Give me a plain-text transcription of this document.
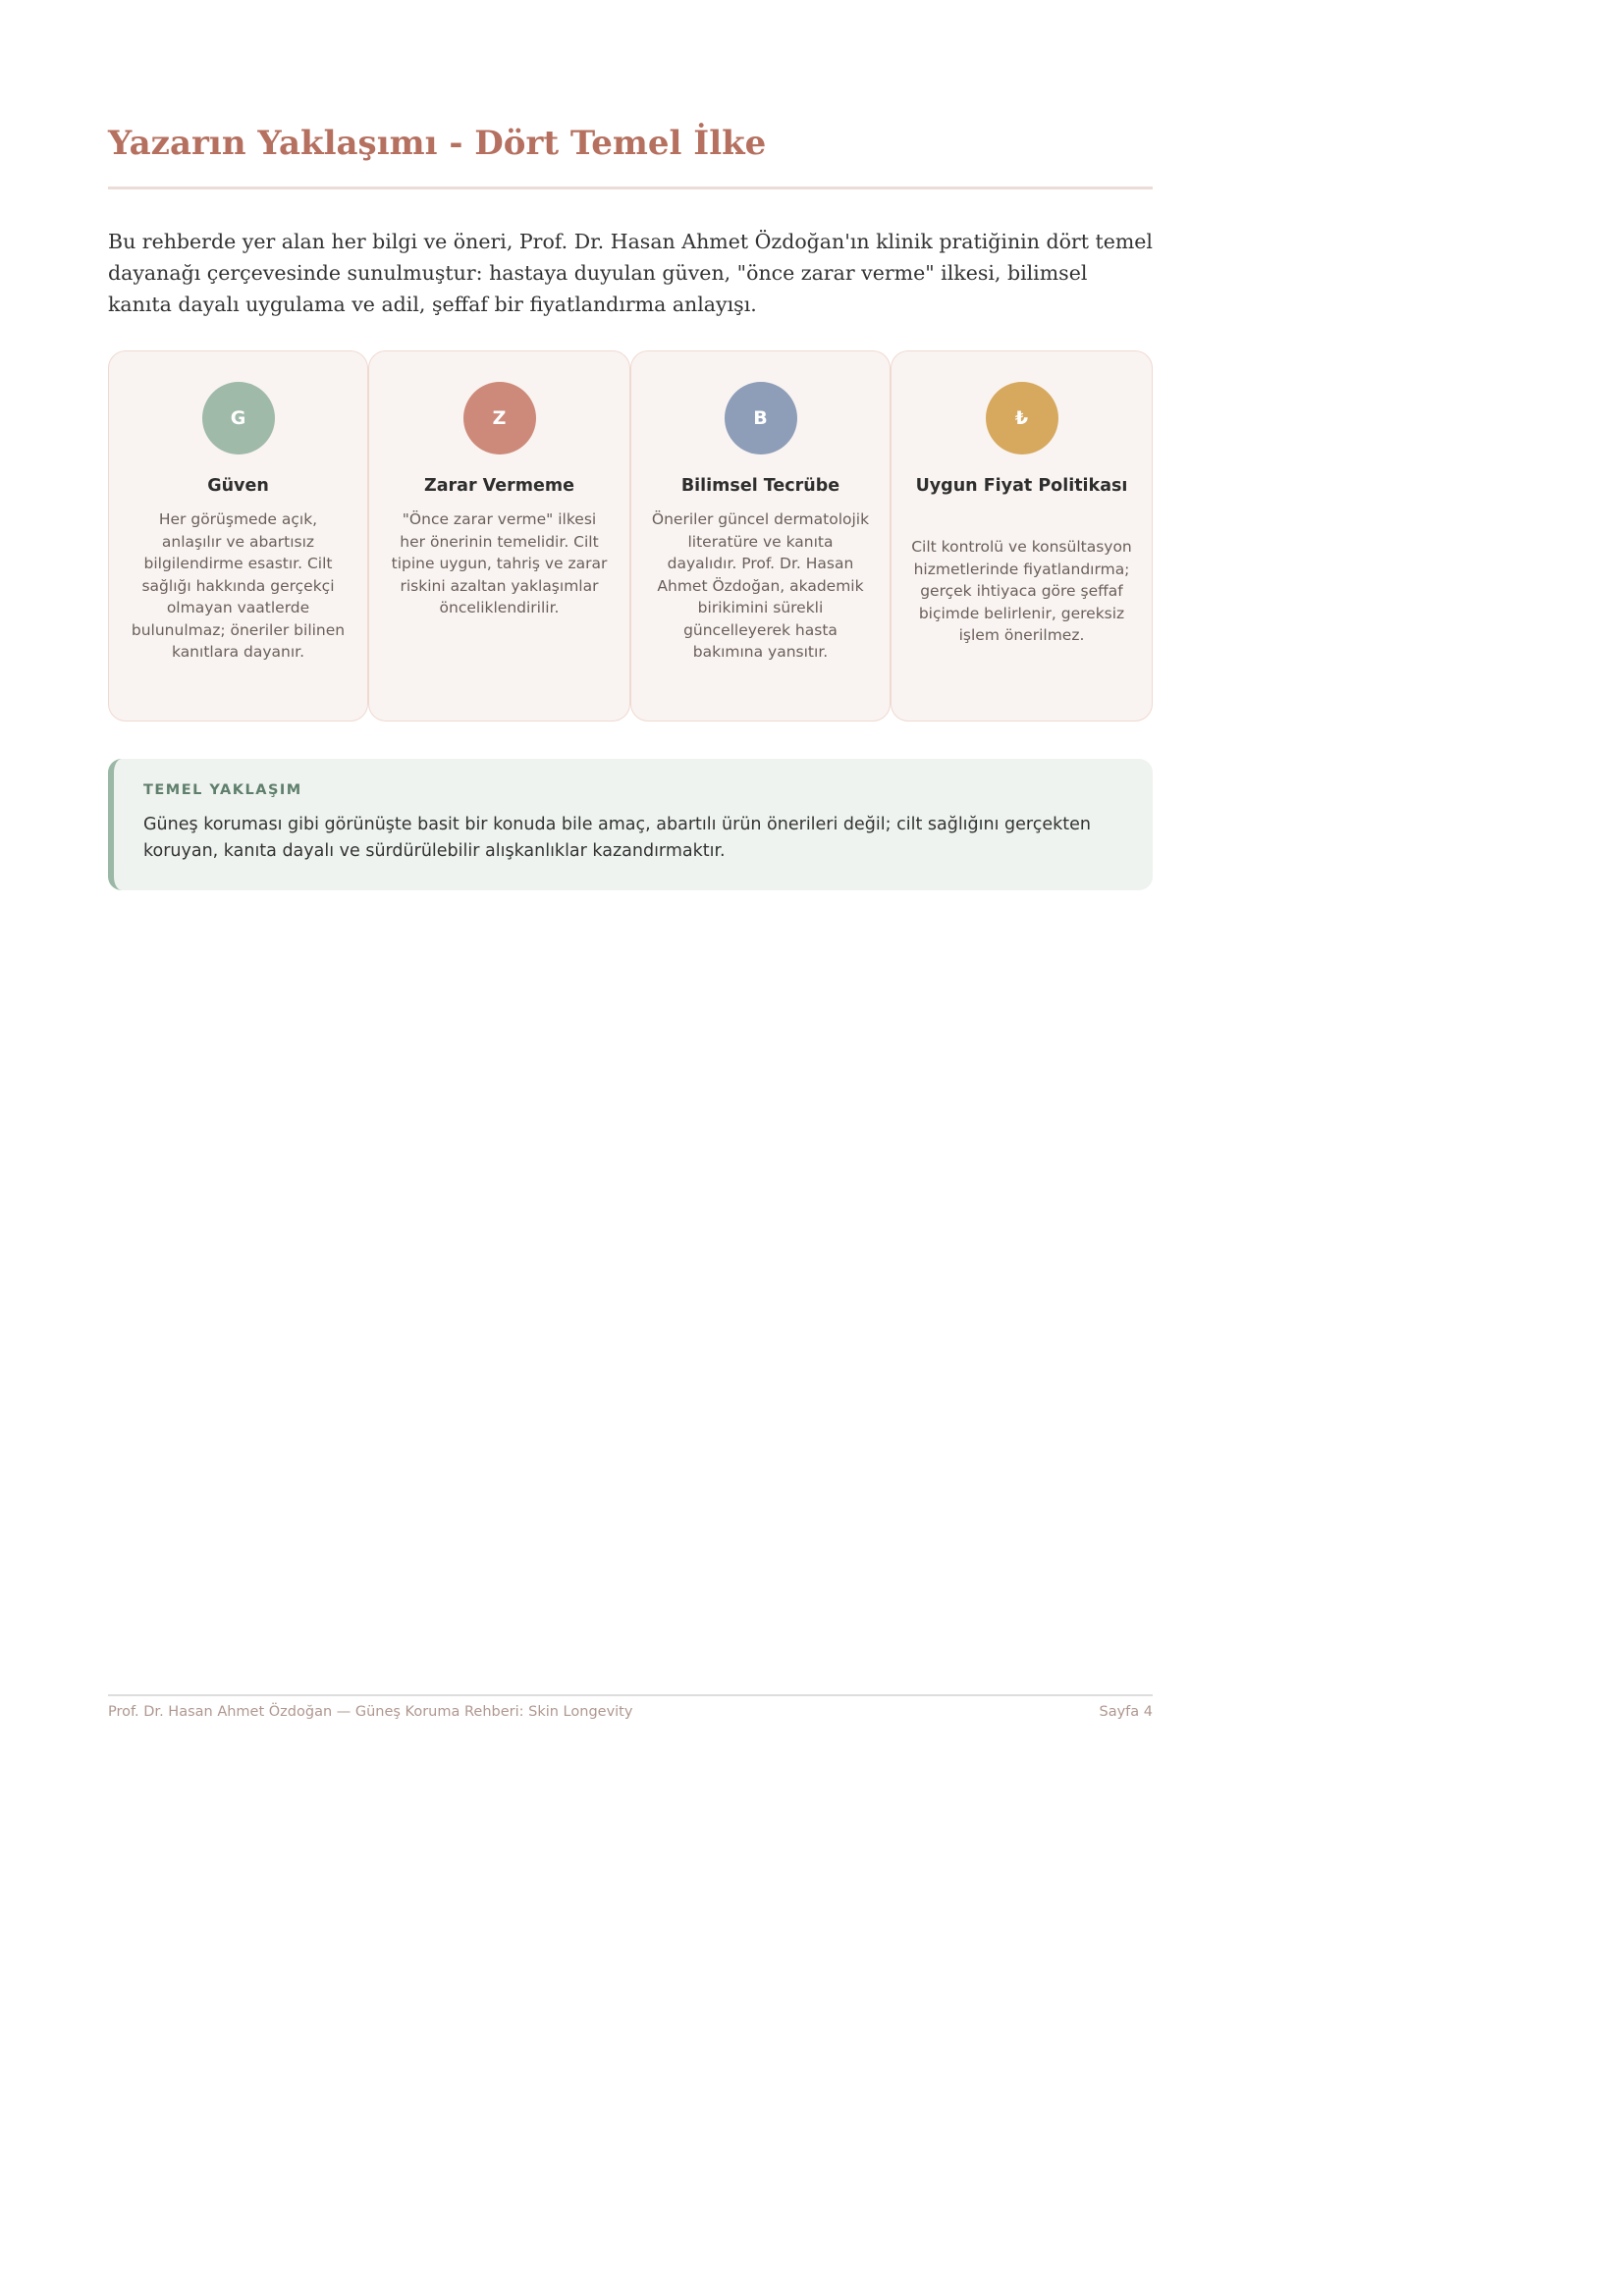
Yazarın Yaklaşımı - Dört Temel İlke

Bu rehberde yer alan her bilgi ve öneri, Prof. Dr. Hasan Ahmet Özdoğan'ın klinik pratiğinin dört temel dayanağı çerçevesinde sunulmuştur: hastaya duyulan güven, "önce zarar verme" ilkesi, bilimsel kanıta dayalı uygulama ve adil, şeffaf bir fiyatlandırma anlayışı.

G
Güven
Her görüşmede açık, anlaşılır ve abartısız bilgilendirme esastır. Cilt sağlığı hakkında gerçekçi olmayan vaatlerde bulunulmaz; öneriler bilinen kanıtlara dayanır.
Z
Zarar Vermeme
"Önce zarar verme" ilkesi her önerinin temelidir. Cilt tipine uygun, tahriş ve zarar riskini azaltan yaklaşımlar önceliklendirilir.
B
Bilimsel Tecrübe
Öneriler güncel dermatolojik literatüre ve kanıta dayalıdır. Prof. Dr. Hasan Ahmet Özdoğan, akademik birikimini sürekli güncelleyerek hasta bakımına yansıtır.
₺
Uygun Fiyat Politikası
Cilt kontrolü ve konsültasyon hizmetlerinde fiyatlandırma; gerçek ihtiyaca göre şeffaf biçimde belirlenir, gereksiz işlem önerilmez.
TEMEL YAKLAŞIM
Güneş koruması gibi görünüşte basit bir konuda bile amaç, abartılı ürün önerileri değil; cilt sağlığını gerçekten koruyan, kanıta dayalı ve sürdürülebilir alışkanlıklar kazandırmaktır.
Prof. Dr. Hasan Ahmet Özdoğan — Güneş Koruma Rehberi: Skin Longevity	Sayfa 4
